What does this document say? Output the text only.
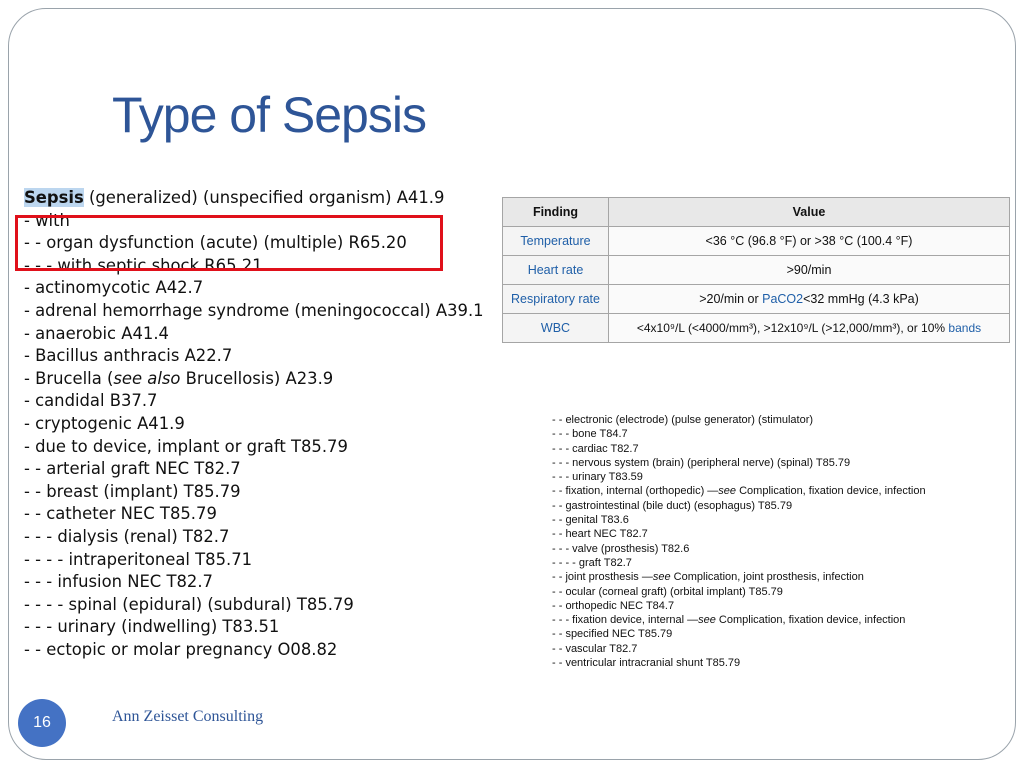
Type of Sepsis
Sepsis (generalized) (unspecified organism) A41.9
- with
- - organ dysfunction (acute) (multiple) R65.20
- - - with septic shock R65.21
- actinomycotic A42.7
- adrenal hemorrhage syndrome (meningococcal) A39.1
- anaerobic A41.4
- Bacillus anthracis A22.7
- Brucella (see also Brucellosis) A23.9
- candidal B37.7
- cryptogenic A41.9
- due to device, implant or graft T85.79
- - arterial graft NEC T82.7
- - breast (implant) T85.79
- - catheter NEC T85.79
- - - dialysis (renal) T82.7
- - - - intraperitoneal T85.71
- - - infusion NEC T82.7
- - - - spinal (epidural) (subdural) T85.79
- - - urinary (indwelling) T83.51
- - ectopic or molar pregnancy O08.82
Finding	Value
Temperature	<36 °C (96.8 °F) or >38 °C (100.4 °F)
Heart rate	>90/min
Respiratory rate	>20/min or PaCO2<32 mmHg (4.3 kPa)
WBC	<4x10⁹/L (<4000/mm³), >12x10⁹/L (>12,000/mm³), or 10% bands
- - electronic (electrode) (pulse generator) (stimulator)
- - - bone T84.7
- - - cardiac T82.7
- - - nervous system (brain) (peripheral nerve) (spinal) T85.79
- - - urinary T83.59
- - fixation, internal (orthopedic) —see Complication, fixation device, infection
- - gastrointestinal (bile duct) (esophagus) T85.79
- - genital T83.6
- - heart NEC T82.7
- - - valve (prosthesis) T82.6
- - - - graft T82.7
- - joint prosthesis —see Complication, joint prosthesis, infection
- - ocular (corneal graft) (orbital implant) T85.79
- - orthopedic NEC T84.7
- - - fixation device, internal —see Complication, fixation device, infection
- - specified NEC T85.79
- - vascular T82.7
- - ventricular intracranial shunt T85.79
16	Ann Zeisset Consulting
